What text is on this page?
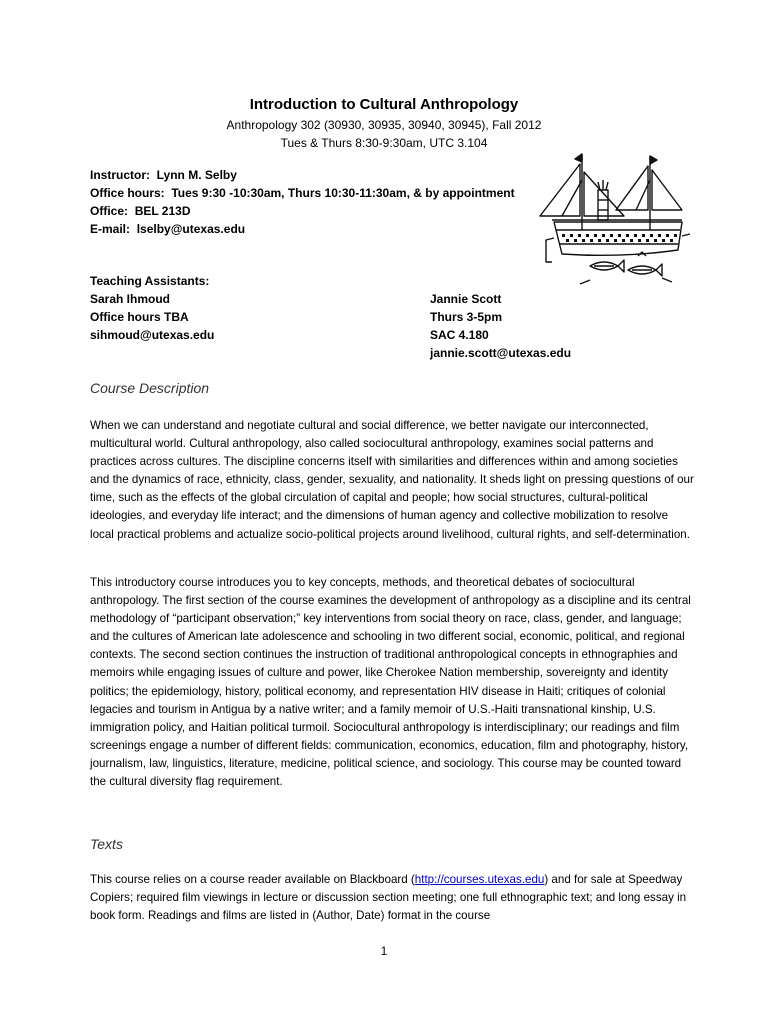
Introduction to Cultural Anthropology
Anthropology 302 (30930, 30935, 30940, 30945), Fall 2012
Tues & Thurs 8:30-9:30am, UTC 3.104
Instructor: Lynn M. Selby
Office hours: Tues 9:30 -10:30am, Thurs 10:30-11:30am, & by appointment
Office: BEL 213D
E-mail: lselby@utexas.edu
Teaching Assistants:
Sarah Ihmoud
Office hours TBA
sihmoud@utexas.edu
Jannie Scott
Thurs 3-5pm
SAC 4.180
jannie.scott@utexas.edu
Course Description

When we can understand and negotiate cultural and social difference, we better navigate our interconnected, multicultural world. Cultural anthropology, also called sociocultural anthropology, examines social patterns and practices across cultures. The discipline concerns itself with similarities and differences within and among societies and the dynamics of race, ethnicity, class, gender, sexuality, and nationality. It sheds light on pressing questions of our time, such as the effects of the global circulation of capital and people; how social structures, cultural-political ideologies, and everyday life interact; and the dimensions of human agency and collective mobilization to resolve local practical problems and actualize socio-political projects around livelihood, cultural rights, and self-determination.

This introductory course introduces you to key concepts, methods, and theoretical debates of sociocultural anthropology. The first section of the course examines the development of anthropology as a discipline and its central methodology of “participant observation;” key interventions from social theory on race, class, gender, and language; and the cultures of American late adolescence and schooling in two different social, economic, political, and regional contexts. The second section continues the instruction of traditional anthropological concepts in ethnographies and memoirs while engaging issues of culture and power, like Cherokee Nation membership, sovereignty and identity politics; the epidemiology, history, political economy, and representation HIV disease in Haiti; critiques of colonial legacies and tourism in Antigua by a native writer; and a family memoir of U.S.-Haiti transnational kinship, U.S. immigration policy, and Haitian political turmoil. Sociocultural anthropology is interdisciplinary; our readings and film screenings engage a number of different fields: communication, economics, education, film and photography, history, journalism, law, linguistics, literature, medicine, political science, and sociology. This course may be counted toward the cultural diversity flag requirement.

Texts

This course relies on a course reader available on Blackboard (http://courses.utexas.edu) and for sale at Speedway Copiers; required film viewings in lecture or discussion section meeting; one full ethnographic text; and long essay in book form. Readings and films are listed in (Author, Date) format in the course

1
